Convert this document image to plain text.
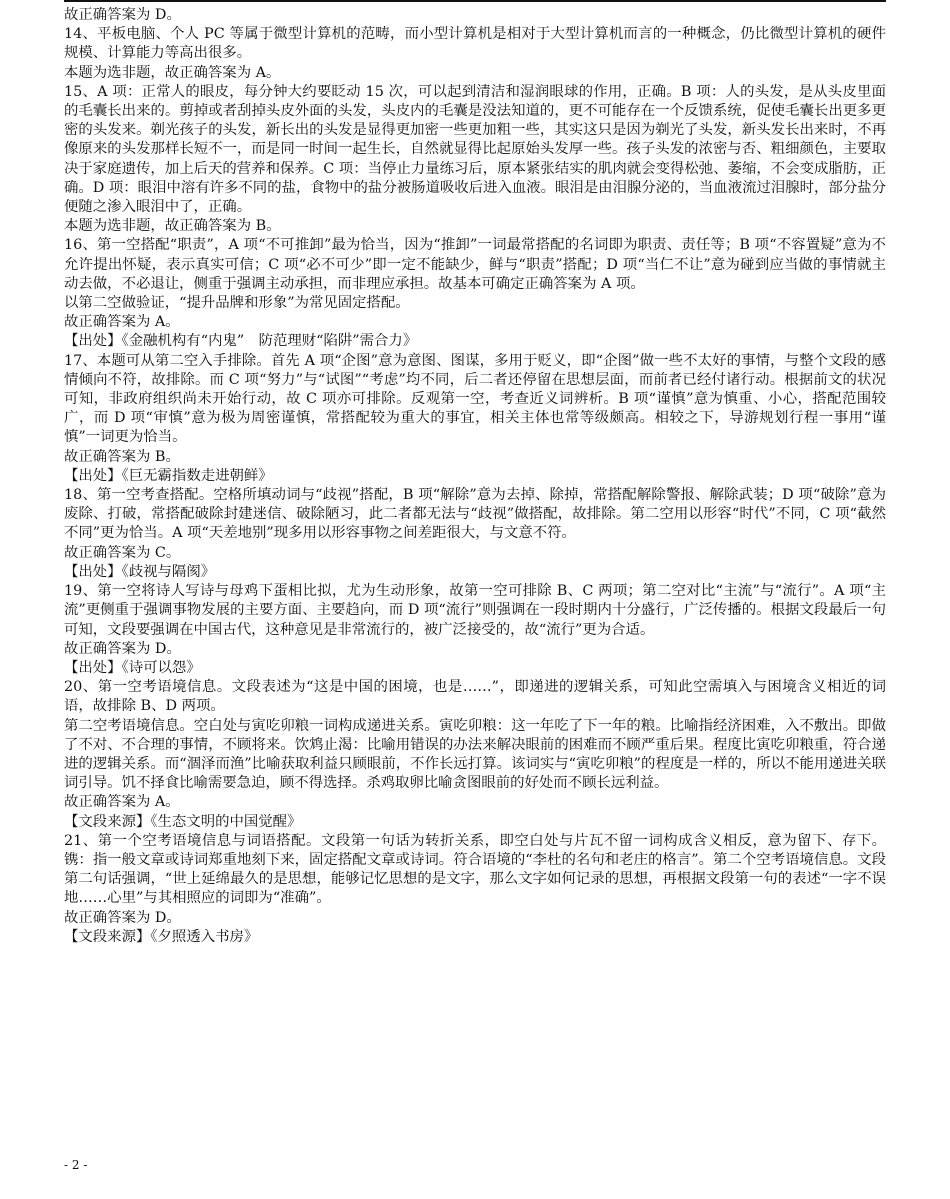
故正确答案为 D。

14、平板电脑、个人 PC 等属于微型计算机的范畴，而小型计算机是相对于大型计算机而言的一种概念，仍比微型计算机的硬件规模、计算能力等高出很多。

本题为选非题，故正确答案为 A。

15、A 项：正常人的眼皮，每分钟大约要眨动 15 次，可以起到清洁和湿润眼球的作用，正确。B 项：人的头发，是从头皮里面的毛囊长出来的。剪掉或者刮掉头皮外面的头发，头皮内的毛囊是没法知道的，更不可能存在一个反馈系统，促使毛囊长出更多更密的头发来。剃光孩子的头发，新长出的头发是显得更加密一些更加粗一些，其实这只是因为剃光了头发，新头发长出来时，不再像原来的头发那样长短不一，而是同一时间一起生长，自然就显得比起原始头发厚一些。孩子头发的浓密与否、粗细颜色，主要取决于家庭遗传，加上后天的营养和保养。C 项：当停止力量练习后，原本紧张结实的肌肉就会变得松弛、萎缩，不会变成脂肪，正确。D 项：眼泪中溶有许多不同的盐，食物中的盐分被肠道吸收后进入血液。眼泪是由泪腺分泌的，当血液流过泪腺时，部分盐分便随之渗入眼泪中了，正确。

本题为选非题，故正确答案为 B。

16、第一空搭配“职责”，A 项“不可推卸”最为恰当，因为“推卸”一词最常搭配的名词即为职责、责任等；B 项“不容置疑”意为不允许提出怀疑，表示真实可信；C 项“必不可少”即一定不能缺少，鲜与“职责”搭配；D 项“当仁不让”意为碰到应当做的事情就主动去做，不必退让，侧重于强调主动承担，而非理应承担。故基本可确定正确答案为 A 项。

以第二空做验证，“提升品牌和形象”为常见固定搭配。

故正确答案为 A。

【出处】《金融机构有“内鬼”　防范理财“陷阱”需合力》

17、本题可从第二空入手排除。首先 A 项“企图”意为意图、图谋，多用于贬义，即“企图”做一些不太好的事情，与整个文段的感情倾向不符，故排除。而 C 项“努力”与“试图”“考虑”均不同，后二者还停留在思想层面，而前者已经付诸行动。根据前文的状况可知，非政府组织尚未开始行动，故 C 项亦可排除。反观第一空，考查近义词辨析。B 项“谨慎”意为慎重、小心，搭配范围较广，而 D 项“审慎”意为极为周密谨慎，常搭配较为重大的事宜，相关主体也常等级颇高。相较之下，导游规划行程一事用“谨慎”一词更为恰当。

故正确答案为 B。

【出处】《巨无霸指数走进朝鲜》

18、第一空考查搭配。空格所填动词与“歧视”搭配，B 项“解除”意为去掉、除掉，常搭配解除警报、解除武装；D 项“破除”意为废除、打破，常搭配破除封建迷信、破除陋习，此二者都无法与“歧视”做搭配，故排除。第二空用以形容“时代”不同，C 项“截然不同”更为恰当。A 项“天差地别”现多用以形容事物之间差距很大，与文意不符。

故正确答案为 C。

【出处】《歧视与隔阂》

19、第一空将诗人写诗与母鸡下蛋相比拟，尤为生动形象，故第一空可排除 B、C 两项；第二空对比“主流”与“流行”。A 项“主流”更侧重于强调事物发展的主要方面、主要趋向，而 D 项“流行”则强调在一段时期内十分盛行，广泛传播的。根据文段最后一句可知，文段要强调在中国古代，这种意见是非常流行的，被广泛接受的，故“流行”更为合适。

故正确答案为 D。

【出处】《诗可以怨》

20、第一空考语境信息。文段表述为“这是中国的困境，也是……”，即递进的逻辑关系，可知此空需填入与困境含义相近的词语，故排除 B、D 两项。

第二空考语境信息。空白处与寅吃卯粮一词构成递进关系。寅吃卯粮：这一年吃了下一年的粮。比喻指经济困难，入不敷出。即做了不对、不合理的事情，不顾将来。饮鸩止渴：比喻用错误的办法来解决眼前的困难而不顾严重后果。程度比寅吃卯粮重，符合递进的逻辑关系。而“涸泽而渔”比喻获取利益只顾眼前，不作长远打算。该词实与“寅吃卯粮”的程度是一样的，所以不能用递进关联词引导。饥不择食比喻需要急迫，顾不得选择。杀鸡取卵比喻贪图眼前的好处而不顾长远利益。

故正确答案为 A。

【文段来源】《生态文明的中国觉醒》

21、第一个空考语境信息与词语搭配。文段第一句话为转折关系，即空白处与片瓦不留一词构成含义相反，意为留下、存下。镌：指一般文章或诗词郑重地刻下来，固定搭配文章或诗词。符合语境的“李杜的名句和老庄的格言”。第二个空考语境信息。文段第二句话强调，“世上延绵最久的是思想，能够记忆思想的是文字，那么文字如何记录的思想，再根据文段第一句的表述“一字不误地……心里”与其相照应的词即为“准确”。

故正确答案为 D。

【文段来源】《夕照透入书房》

- 2 -
